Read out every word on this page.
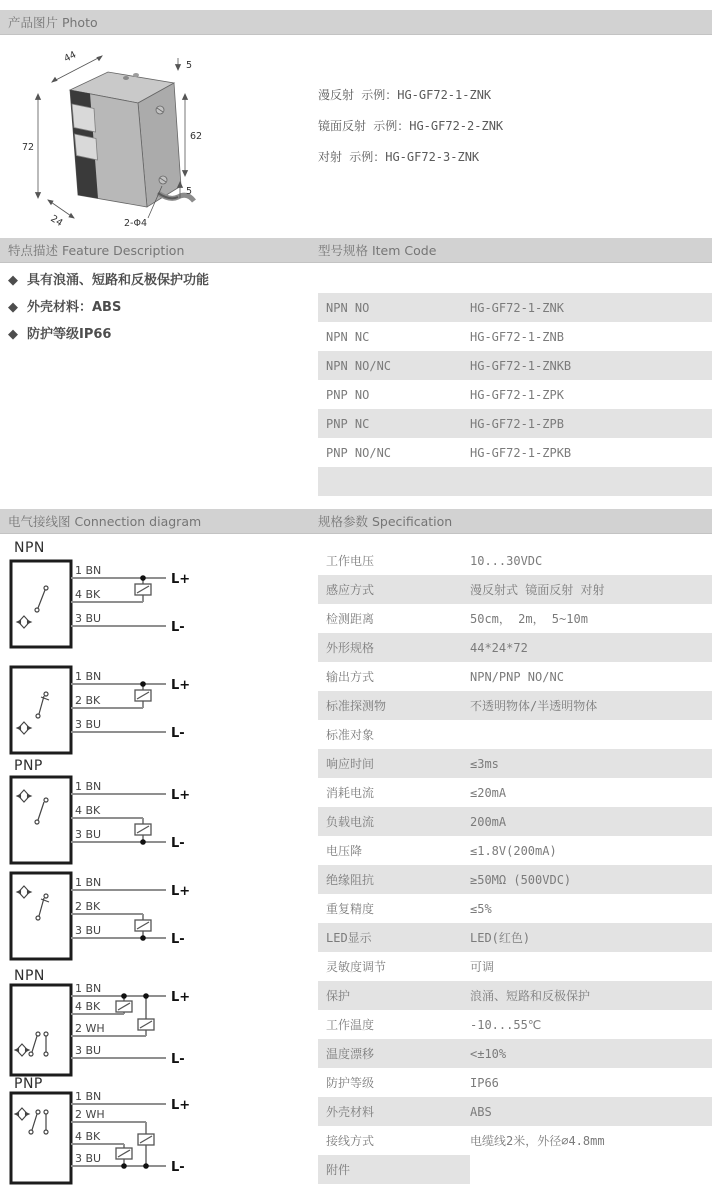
产品图片 Photo
44
5
62
72
5
24	2-Φ4
漫反射 示例：HG-GF72-1-ZNK
镜面反射 示例：HG-GF72-2-ZNK
对射 示例：HG-GF72-3-ZNK
特点描述 Feature Description	型号规格 Item Code
◆ 具有浪涌、短路和反极保护功能
◆ 外壳材料：ABS
◆ 防护等级IP66
NPN NO	HG-GF72-1-ZNK
NPN NC	HG-GF72-1-ZNB
NPN NO/NC	HG-GF72-1-ZNKB
PNP NO	HG-GF72-1-ZPK
PNP NC	HG-GF72-1-ZPB
PNP NO/NC	HG-GF72-1-ZPKB
电气接线图 Connection diagram	规格参数 Specification
NPN
1 BN
4 BK
3 BU
L+
L-
1 BN
2 BK
3 BU
L+
L-
PNP
1 BN
4 BK
3 BU
L+
L-
1 BN
2 BK
3 BU
L+
L-
NPN
1 BN
4 BK
2 WH
3 BU
L+
L-
PNP
1 BN
2 WH
4 BK
3 BU
L+
L-
工作电压	10...30VDC
感应方式	漫反射式 镜面反射 对射
检测距离	50cm， 2m， 5~10m
外形规格	44*24*72
输出方式	NPN/PNP NO/NC
标准探测物	不透明物体/半透明物体
标准对象
响应时间	≤3ms
消耗电流	≤20mA
负载电流	200mA
电压降	≤1.8V(200mA)
绝缘阻抗	≥50MΩ (500VDC)
重复精度	≤5%
LED显示	LED(红色)
灵敏度调节	可调
保护	浪涌、短路和反极保护
工作温度	-10...55℃
温度漂移	<±10%
防护等级	IP66
外壳材料	ABS
接线方式	电缆线2米，外径∅4.8mm
附件
